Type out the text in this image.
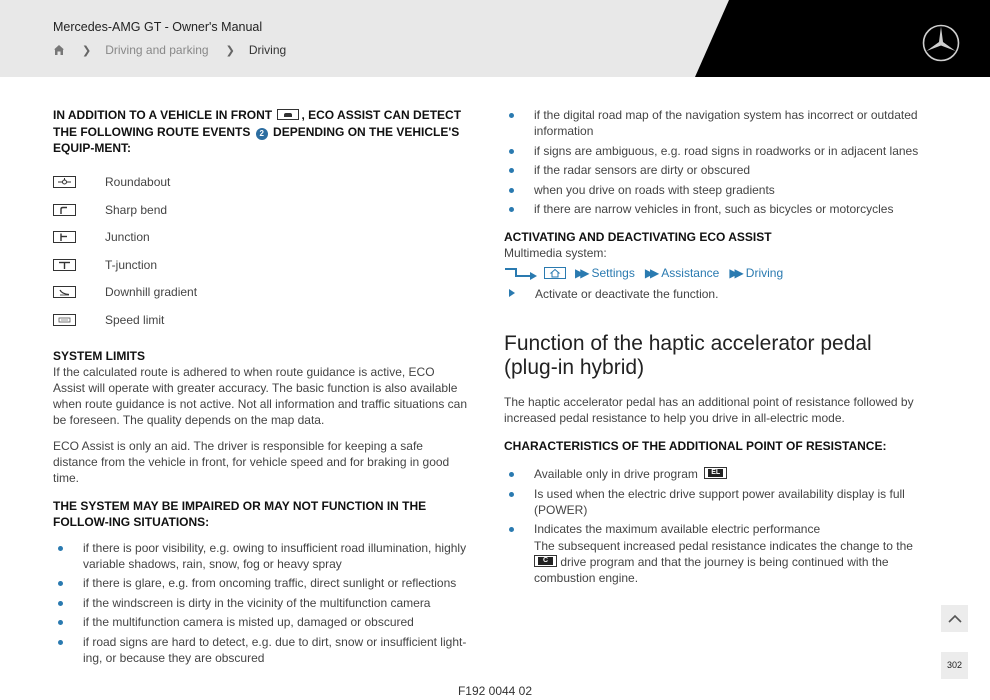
Mercedes-AMG GT - Owner's Manual
❯ Driving and parking ❯ Driving
IN ADDITION TO A VEHICLE IN FRONT , ECO ASSIST CAN DETECT THE FOLLOWING ROUTE EVENTS 2 DEPENDING ON THE VEHICLE'S EQUIP-MENT:
Roundabout
Sharp bend
Junction
T-junction
Downhill gradient
Speed limit
SYSTEM LIMITS

If the calculated route is adhered to when route guidance is active, ECO Assist will operate with greater accuracy. The basic function is also available when route guidance is not active. Not all information and traffic situations can be foreseen. The quality depends on the map data.

ECO Assist is only an aid. The driver is responsible for keeping a safe distance from the vehicle in front, for vehicle speed and for braking in good time.

THE SYSTEM MAY BE IMPAIRED OR MAY NOT FUNCTION IN THE FOLLOW-ING SITUATIONS:
if there is poor visibility, e.g. owing to insufficient road illumination, highly variable shadows, rain, snow, fog or heavy spray
if there is glare, e.g. from oncoming traffic, direct sunlight or reflections
if the windscreen is dirty in the vicinity of the multifunction camera
if the multifunction camera is misted up, damaged or obscured
if road signs are hard to detect, e.g. due to dirt, snow or insufficient light-ing, or because they are obscured
if the digital road map of the navigation system has incorrect or outdated information
if signs are ambiguous, e.g. road signs in roadworks or in adjacent lanes
if the radar sensors are dirty or obscured
when you drive on roads with steep gradients
if there are narrow vehicles in front, such as bicycles or motorcycles
ACTIVATING AND DEACTIVATING ECO ASSIST
Multimedia system:
▶▶ Settings ▶▶ Assistance ▶▶ Driving
Activate or deactivate the function.
Function of the haptic accelerator pedal (plug-in hybrid)

The haptic accelerator pedal has an additional point of resistance followed by increased pedal resistance to help you drive in all-electric mode.

CHARACTERISTICS OF THE ADDITIONAL POINT OF RESISTANCE:
Available only in drive program	EL
Is used when the electric drive support power availability display is full (POWER)
Indicates the maximum available electric performance
The subsequent increased pedal resistance indicates the change to the
C	drive program and that the journey is being continued with the combustion engine.
302
F192 0044 02
